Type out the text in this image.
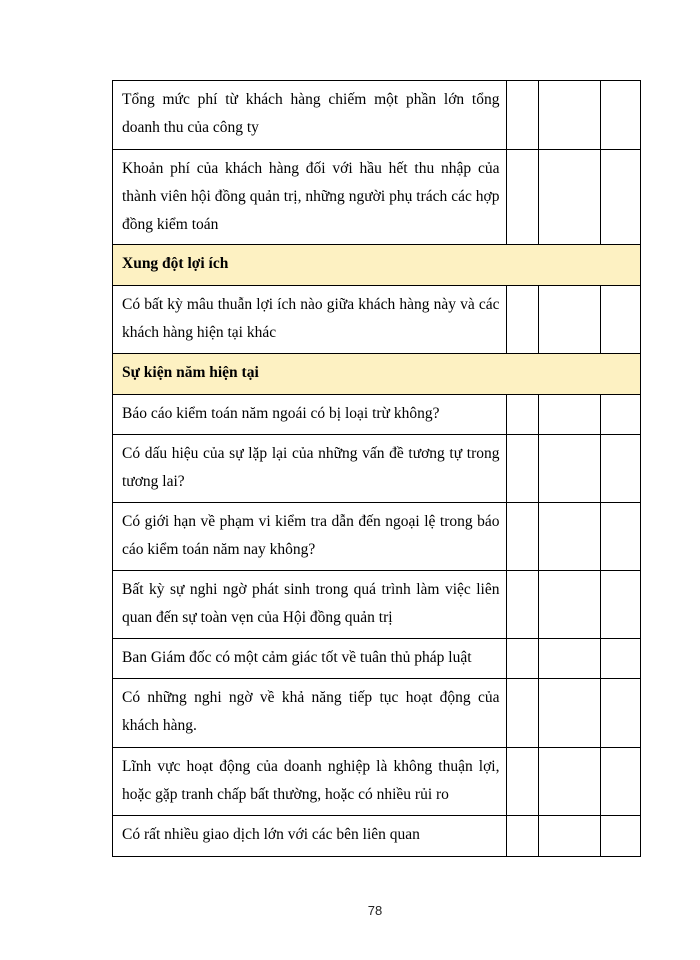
Tổng mức phí từ khách hàng chiếm một phần lớn tổng doanh thu của công ty			
Khoản phí của khách hàng đối với hầu hết thu nhập của thành viên hội đồng quản trị, những người phụ trách các hợp đồng kiểm toán			
Xung đột lợi ích			
Có bất kỳ mâu thuẫn lợi ích nào giữa khách hàng này và các khách hàng hiện tại khác			
Sự kiện năm hiện tại			
Báo cáo kiểm toán năm ngoái có bị loại trừ không?			
Có dấu hiệu của sự lặp lại của những vấn đề tương tự trong tương lai?			
Có giới hạn về phạm vi kiểm tra dẫn đến ngoại lệ trong báo cáo kiểm toán năm nay không?			
Bất kỳ sự nghi ngờ phát sinh trong quá trình làm việc liên quan đến sự toàn vẹn của Hội đồng quản trị			
Ban Giám đốc có một cảm giác tốt về tuân thủ pháp luật			
Có những nghi ngờ về khả năng tiếp tục hoạt động của khách hàng.			
Lĩnh vực hoạt động của doanh nghiệp là không thuận lợi, hoặc gặp tranh chấp bất thường, hoặc có nhiều rủi ro			
Có rất nhiều giao dịch lớn với các bên liên quan			
78
